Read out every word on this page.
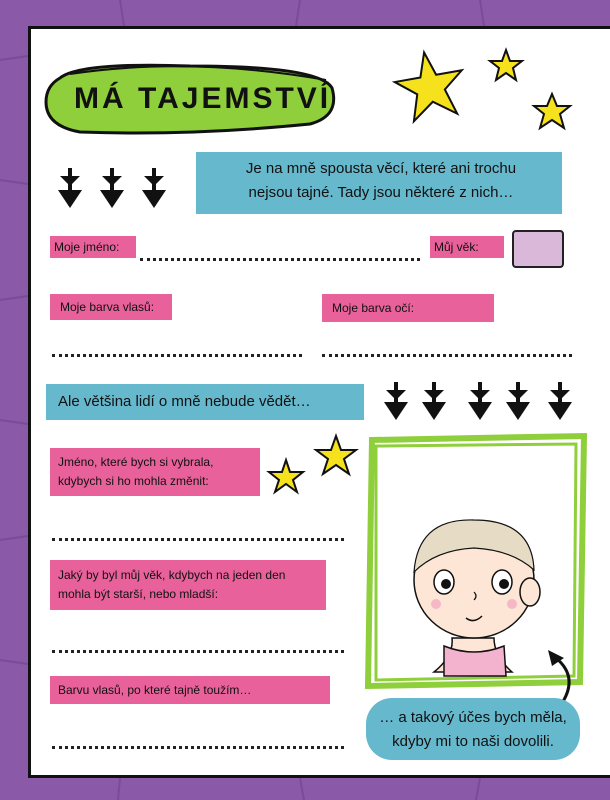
MÁ TAJEMSTVÍ
Je na mně spousta věcí, které ani trochu
nejsou tajné. Tady jsou některé z nich…
Moje jméno:	Můj věk:
Moje barva vlasů:	Moje barva očí:
Ale většina lidí o mně nebude vědět…
Jméno, které bych si vybrala,
kdybych si ho mohla změnit:
Jaký by byl můj věk, kdybych na jeden den
mohla být starší, nebo mladší:
Barvu vlasů, po které tajně toužím…
… a takový účes bych měla,
kdyby mi to naši dovolili.
